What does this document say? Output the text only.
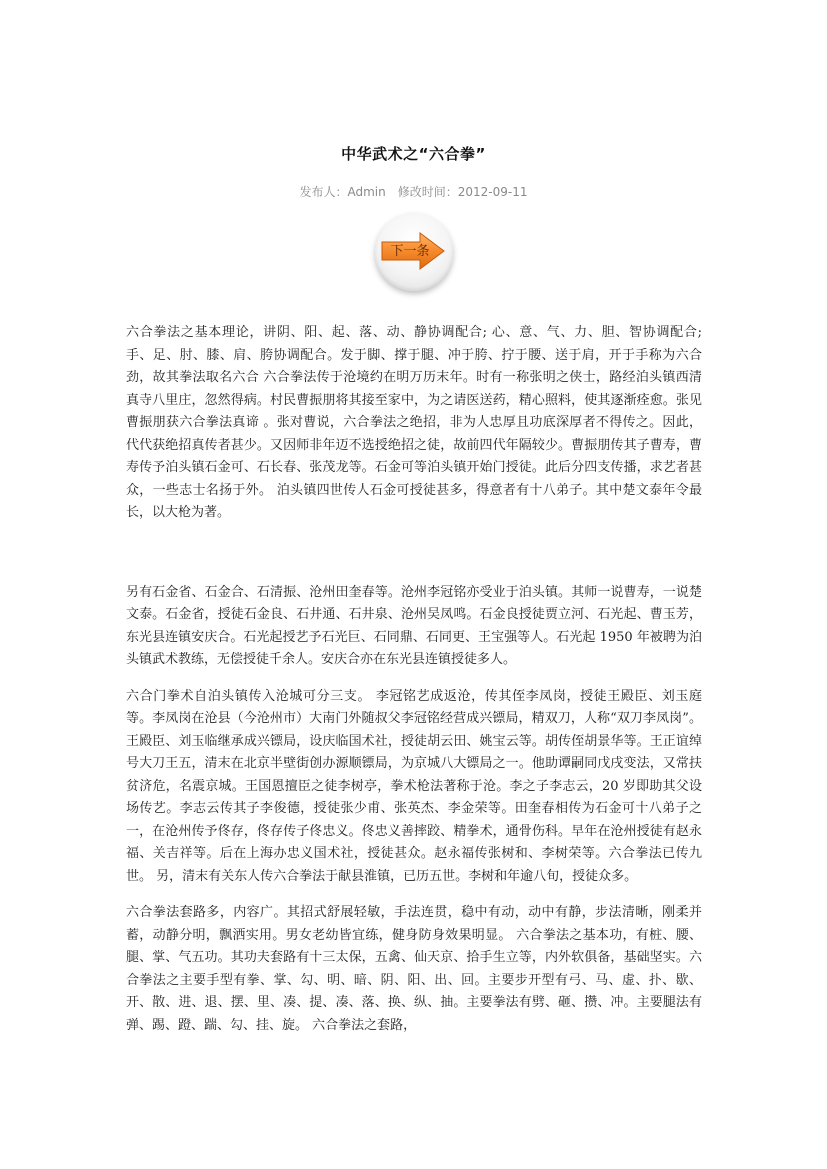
中华武术之“六合拳”
发布人：Admin 修改时间：2012-09-11
下一条

六合拳法之基本理论，讲阴、阳、起、落、动、静协调配合; 心、意、气、力、胆、智协调配合; 手、足、肘、膝、肩、胯协调配合。发于脚、撑于腿、冲于胯、拧于腰、送于肩，开于手称为六合劲，故其拳法取名六合 六合拳法传于沧境约在明万历末年。时有一称张明之侠士，路经泊头镇西清真寺八里庄，忽然得病。村民曹振朋将其接至家中，为之请医送药，精心照料，使其逐渐痊愈。张见曹振朋获六合拳法真谛 。张对曹说，六合拳法之绝招，非为人忠厚且功底深厚者不得传之。因此，代代获绝招真传者甚少。又因师非年迈不选授绝招之徒，故前四代年隔较少。曹振朋传其子曹寿，曹寿传予泊头镇石金可、石长春、张茂龙等。石金可等泊头镇开始门授徒。此后分四支传播，求艺者甚众，一些志士名扬于外。 泊头镇四世传人石金可授徒甚多，得意者有十八弟子。其中楚文泰年令最长，以大枪为著。

另有石金省、石金合、石清振、沧州田奎春等。沧州李冠铭亦受业于泊头镇。其师一说曹寿，一说楚文泰。石金省，授徒石金良、石井通、石井泉、沧州吴凤鸣。石金良授徒贾立河、石光起、曹玉芳，东光县连镇安庆合。石光起授艺予石光巨、石同鼎、石同更、王宝强等人。石光起 1950 年被聘为泊头镇武术教练，无偿授徒千余人。安庆合亦在东光县连镇授徒多人。

六合门拳术自泊头镇传入沧城可分三支。 李冠铭艺成返沧，传其侄李凤岗，授徒王殿臣、刘玉庭等。李凤岗在沧县（今沧州市）大南门外随叔父李冠铭经营成兴镖局，精双刀，人称“双刀李凤岗”。王殿臣、刘玉临继承成兴镖局，设庆临国术社，授徒胡云田、姚宝云等。胡传侄胡景华等。王正谊绰号大刀王五，清末在北京半壁街创办源顺镖局，为京城八大镖局之一。他助谭嗣同戊戌变法，又常扶贫济危，名震京城。王国恩擅臣之徒李树亭，拳术枪法著称于沧。李之子李志云，20 岁即助其父设场传艺。李志云传其子李俊德，授徒张少甫、张英杰、李金荣等。田奎春相传为石金可十八弟子之一，在沧州传予佟存，佟存传子佟忠义。佟忠义善摔跤、精拳术，通骨伤科。早年在沧州授徒有赵永福、关吉祥等。后在上海办忠义国术社，授徒甚众。赵永福传张树和、李树荣等。六合拳法已传九世。 另，清末有关东人传六合拳法于献县淮镇，已历五世。李树和年逾八旬，授徒众多。

六合拳法套路多，内容广。其招式舒展轻敏，手法连贯，稳中有动，动中有静，步法清晰，刚柔并蓄，动静分明，飘洒实用。男女老幼皆宜练，健身防身效果明显。 六合拳法之基本功，有桩、腰、腿、掌、气五功。其功夫套路有十三太保，五禽、仙天京、拾手生立等，内外软俱备，基础坚实。六合拳法之主要手型有拳、掌、勾、明、暗、阴、阳、出、回。主要步开型有弓、马、虚、扑、歇、开、散、进、退、摆、里、凑、提、凑、落、换、纵、抽。主要拳法有劈、砸、攒、冲。主要腿法有弹、踢、蹬、踹、勾、挂、旋。 六合拳法之套路，
